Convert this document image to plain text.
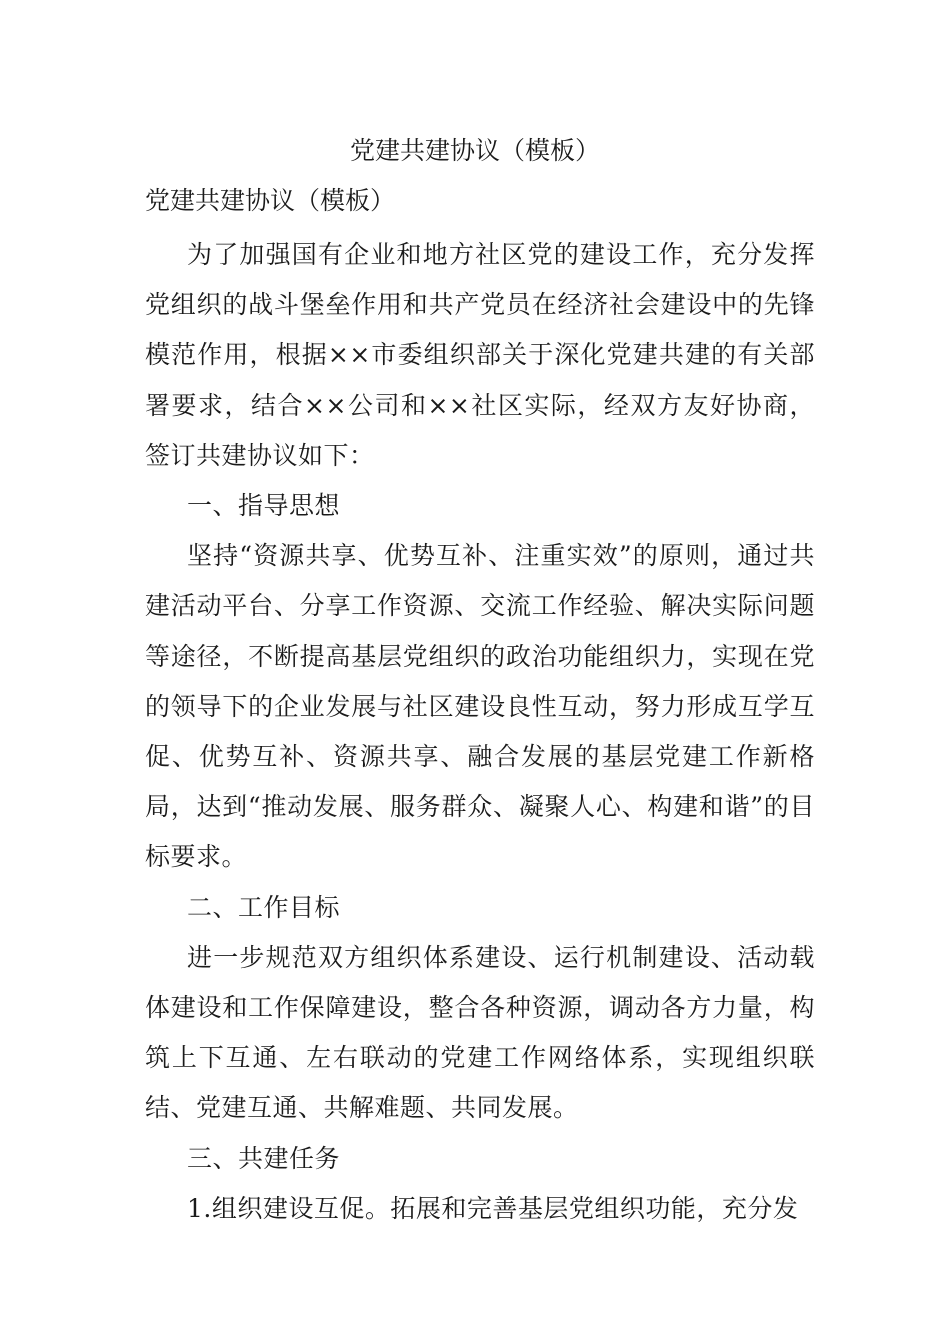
党建共建协议（模板）
党建共建协议（模板）

为了加强国有企业和地方社区党的建设工作，充分发挥党组织的战斗堡垒作用和共产党员在经济社会建设中的先锋模范作用，根据××市委组织部关于深化党建共建的有关部署要求，结合××公司和××社区实际，经双方友好协商，签订共建协议如下：

一、指导思想

坚持“资源共享、优势互补、注重实效”的原则，通过共建活动平台、分享工作资源、交流工作经验、解决实际问题等途径，不断提高基层党组织的政治功能组织力，实现在党的领导下的企业发展与社区建设良性互动，努力形成互学互促、优势互补、资源共享、融合发展的基层党建工作新格局，达到“推动发展、服务群众、凝聚人心、构建和谐”的目标要求。

二、工作目标

进一步规范双方组织体系建设、运行机制建设、活动载体建设和工作保障建设，整合各种资源，调动各方力量，构筑上下互通、左右联动的党建工作网络体系，实现组织联结、党建互通、共解难题、共同发展。

三、共建任务

1.组织建设互促。拓展和完善基层党组织功能，充分发
